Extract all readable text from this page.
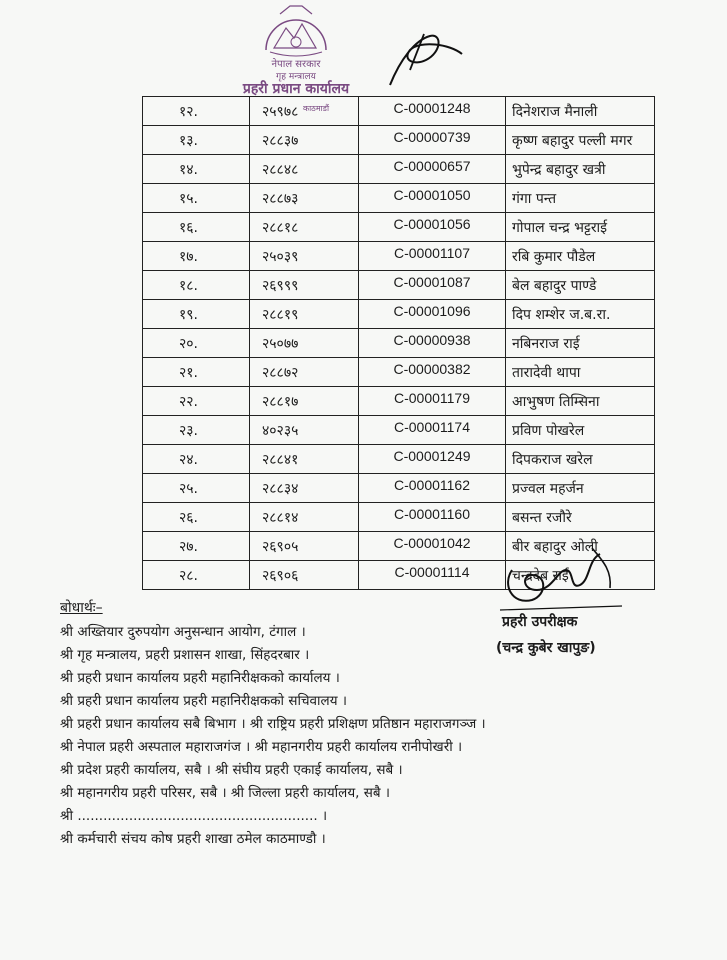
नेपाल सरकार
गृह मन्त्रालय
प्रहरी प्रधान कार्यालय
काठमाडौं
१२.	२५९७८	C-00001248	दिनेशराज मैनाली
१३.	२८८३७	C-00000739	कृष्ण बहादुर पल्ली मगर
१४.	२८८४८	C-00000657	भुपेन्द्र बहादुर खत्री
१५.	२८८७३	C-00001050	गंगा पन्त
१६.	२८८१८	C-00001056	गोपाल चन्द्र भट्टराई
१७.	२५०३९	C-00001107	रबि कुमार पौडेल
१८.	२६९९९	C-00001087	बेल बहादुर पाण्डे
१९.	२८८१९	C-00001096	दिप शम्शेर ज.ब.रा.
२०.	२५०७७	C-00000938	नबिनराज राई
२१.	२८८७२	C-00000382	तारादेवी थापा
२२.	२८८१७	C-00001179	आभुषण तिम्सिना
२३.	४०२३५	C-00001174	प्रविण पोखरेल
२४.	२८८४१	C-00001249	दिपकराज खरेल
२५.	२८८३४	C-00001162	प्रज्वल महर्जन
२६.	२८८१४	C-00001160	बसन्त रजौरे
२७.	२६९०५	C-00001042	बीर बहादुर ओली
२८.	२६९०६	C-00001114	चन्द्रदेब राई
प्रहरी उपरीक्षक
(चन्द्र कुबेर खापुङ)
बोधार्थः–
श्री अख्तियार दुरुपयोग अनुसन्धान आयोग, टंगाल ।
श्री गृह मन्त्रालय, प्रहरी प्रशासन शाखा, सिंहदरबार ।
श्री प्रहरी प्रधान कार्यालय प्रहरी महानिरीक्षकको कार्यालय ।
श्री प्रहरी प्रधान कार्यालय प्रहरी महानिरीक्षकको सचिवालय ।
श्री प्रहरी प्रधान कार्यालय सबै बिभाग । श्री राष्ट्रिय प्रहरी प्रशिक्षण प्रतिष्ठान महाराजगञ्ज ।
श्री नेपाल प्रहरी अस्पताल महाराजगंज । श्री महानगरीय प्रहरी कार्यालय रानीपोखरी ।
श्री प्रदेश प्रहरी कार्यालय, सबै । श्री संघीय प्रहरी एकाई कार्यालय, सबै ।
श्री महानगरीय प्रहरी परिसर, सबै । श्री जिल्ला प्रहरी कार्यालय, सबै ।
श्री ........................................................ ।
श्री कर्मचारी संचय कोष प्रहरी शाखा ठमेल काठमाण्डौ ।
